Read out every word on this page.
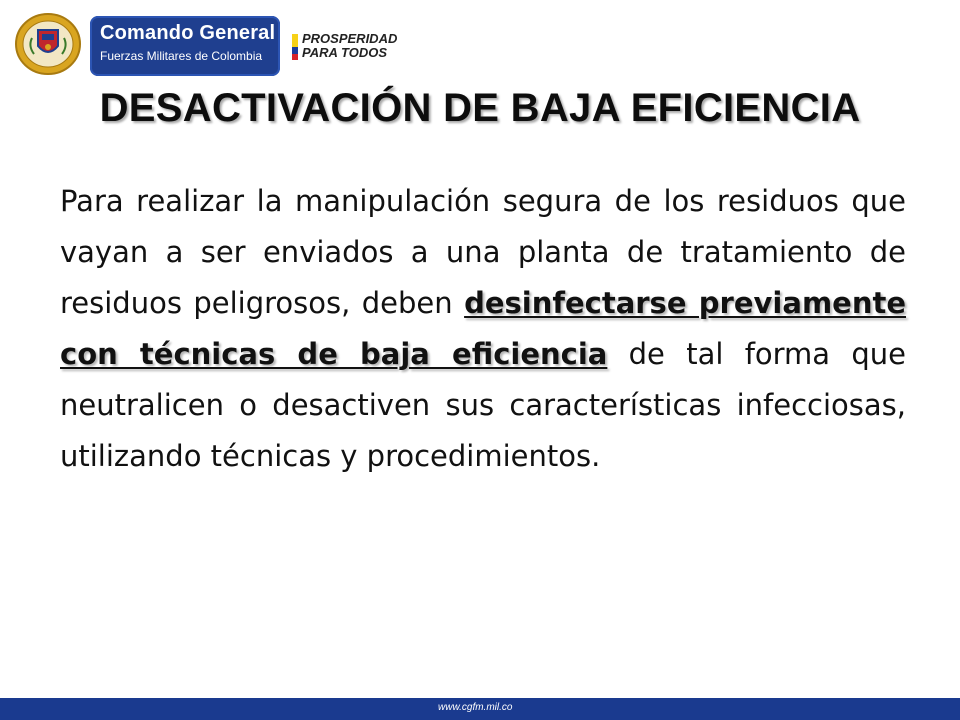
Comando General
Fuerzas Militares de Colombia
PROSPERIDAD
PARA TODOS
DESACTIVACIÓN DE BAJA EFICIENCIA
Para realizar la manipulación segura de los residuos que vayan a ser enviados a una planta de tratamiento de residuos peligrosos, deben desinfectarse previamente con técnicas de baja eficiencia de tal forma que neutralicen o desactiven sus características infecciosas, utilizando técnicas y procedimientos.
www.cgfm.mil.co
